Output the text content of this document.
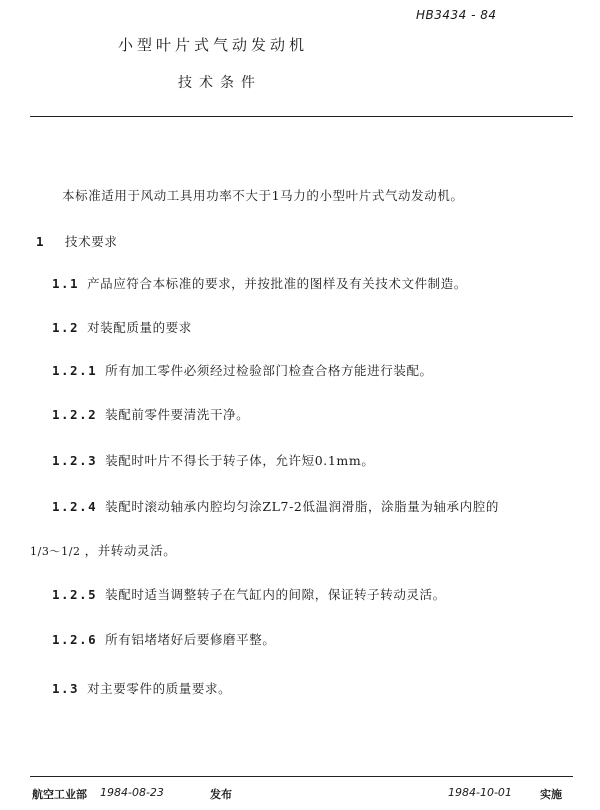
HB3434 - 84
小型叶片式气动发动机
技术条件
本标准适用于风动工具用功率不大于1马力的小型叶片式气动发动机。
1 技术要求
1.1 产品应符合本标准的要求，并按批准的图样及有关技术文件制造。
1.2 对装配质量的要求
1.2.1 所有加工零件必须经过检验部门检查合格方能进行装配。
1.2.2 装配前零件要清洗干净。
1.2.3 装配时叶片不得长于转子体，允许短0.1mm。
1.2.4 装配时滚动轴承内腔均匀涂ZL7-2低温润滑脂，涂脂量为轴承内腔的
1/3～1/2 ，并转动灵活。
1.2.5 装配时适当调整转子在气缸内的间隙，保证转子转动灵活。
1.2.6 所有铝堵堵好后要修磨平整。
1.3 对主要零件的质量要求。
航空工业部 1984-08-23	发布	1984-10-01	实施
